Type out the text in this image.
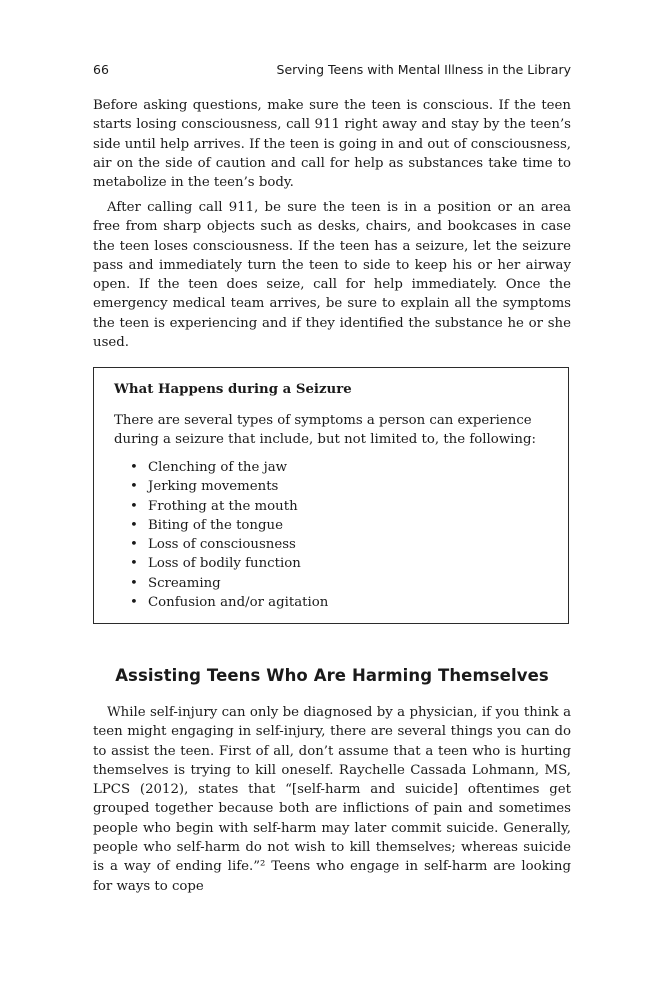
66	Serving Teens with Mental Illness in the Library

Before asking questions, make sure the teen is conscious. If the teen starts losing consciousness, call 911 right away and stay by the teen’s side until help arrives. If the teen is going in and out of consciousness, air on the side of caution and call for help as substances take time to metabolize in the teen’s body.

After calling call 911, be sure the teen is in a position or an area free from sharp objects such as desks, chairs, and bookcases in case the teen loses consciousness. If the teen has a seizure, let the seizure pass and immediately turn the teen to side to keep his or her airway open. If the teen does seize, call for help immediately. Once the emergency medical team arrives, be sure to explain all the symptoms the teen is experiencing and if they identified the substance he or she used.

What Happens during a Seizure

There are several types of symptoms a person can experience during a seizure that include, but not limited to, the following:

• Clenching of the jaw
• Jerking movements
• Frothing at the mouth
• Biting of the tongue
• Loss of consciousness
• Loss of bodily function
• Screaming
• Confusion and/or agitation
Assisting Teens Who Are Harming Themselves

While self-injury can only be diagnosed by a physician, if you think a teen might engaging in self-injury, there are several things you can do to assist the teen. First of all, don’t assume that a teen who is hurting themselves is trying to kill oneself. Raychelle Cassada Lohmann, MS, LPCS (2012), states that “[self-harm and suicide] oftentimes get grouped together because both are inflictions of pain and sometimes people who begin with self-harm may later commit suicide. Generally, people who self-harm do not wish to kill themselves; whereas suicide is a way of ending life.”² Teens who engage in self-harm are looking for ways to cope
